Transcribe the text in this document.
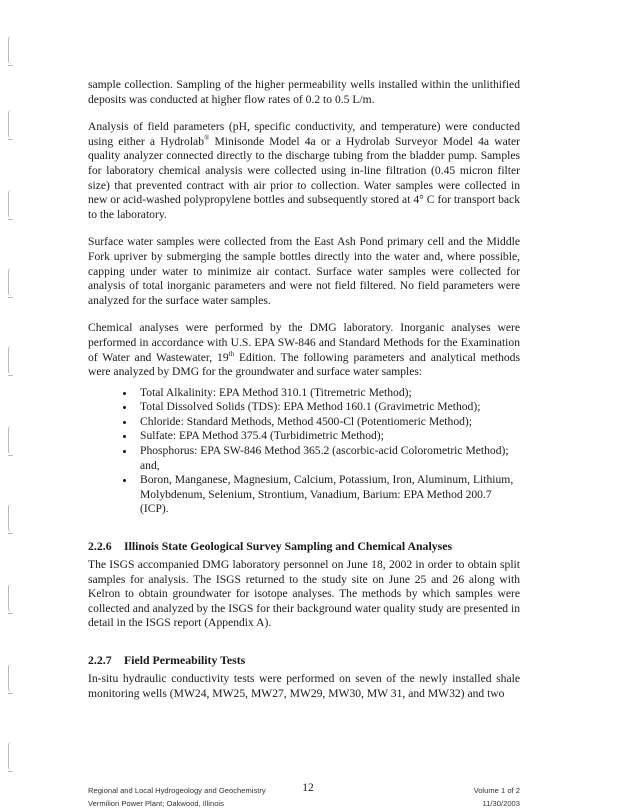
sample collection. Sampling of the higher permeability wells installed within the unlithified deposits was conducted at higher flow rates of 0.2 to 0.5 L/m.

Analysis of field parameters (pH, specific conductivity, and temperature) were conducted using either a Hydrolab® Minisonde Model 4a or a Hydrolab Surveyor Model 4a water quality analyzer connected directly to the discharge tubing from the bladder pump. Samples for laboratory chemical analysis were collected using in-line filtration (0.45 micron filter size) that prevented contract with air prior to collection. Water samples were collected in new or acid-washed polypropylene bottles and subsequently stored at 4° C for transport back to the laboratory.

Surface water samples were collected from the East Ash Pond primary cell and the Middle Fork upriver by submerging the sample bottles directly into the water and, where possible, capping under water to minimize air contact. Surface water samples were collected for analysis of total inorganic parameters and were not field filtered. No field parameters were analyzed for the surface water samples.

Chemical analyses were performed by the DMG laboratory. Inorganic analyses were performed in accordance with U.S. EPA SW-846 and Standard Methods for the Examination of Water and Wastewater, 19th Edition. The following parameters and analytical methods were analyzed by DMG for the groundwater and surface water samples:

• Total Alkalinity: EPA Method 310.1 (Titremetric Method);
• Total Dissolved Solids (TDS): EPA Method 160.1 (Gravimetric Method);
• Chloride: Standard Methods, Method 4500-Cl (Potentiomeric Method);
• Sulfate: EPA Method 375.4 (Turbidimetric Method);
• Phosphorus: EPA SW-846 Method 365.2 (ascorbic-acid Colorometric Method); and,
• Boron, Manganese, Magnesium, Calcium, Potassium, Iron, Aluminum, Lithium, Molybdenum, Selenium, Strontium, Vanadium, Barium: EPA Method 200.7 (ICP).
2.2.6 Illinois State Geological Survey Sampling and Chemical Analyses

The ISGS accompanied DMG laboratory personnel on June 18, 2002 in order to obtain split samples for analysis. The ISGS returned to the study site on June 25 and 26 along with Kelron to obtain groundwater for isotope analyses. The methods by which samples were collected and analyzed by the ISGS for their background water quality study are presented in detail in the ISGS report (Appendix A).

2.2.7 Field Permeability Tests

In-situ hydraulic conductivity tests were performed on seven of the newly installed shale monitoring wells (MW24, MW25, MW27, MW29, MW30, MW 31, and MW32) and two

Regional and Local Hydrogeology and Geochemistry
Vermilion Power Plant; Oakwood, Illinois
12	Volume 1 of 2
11/30/2003
